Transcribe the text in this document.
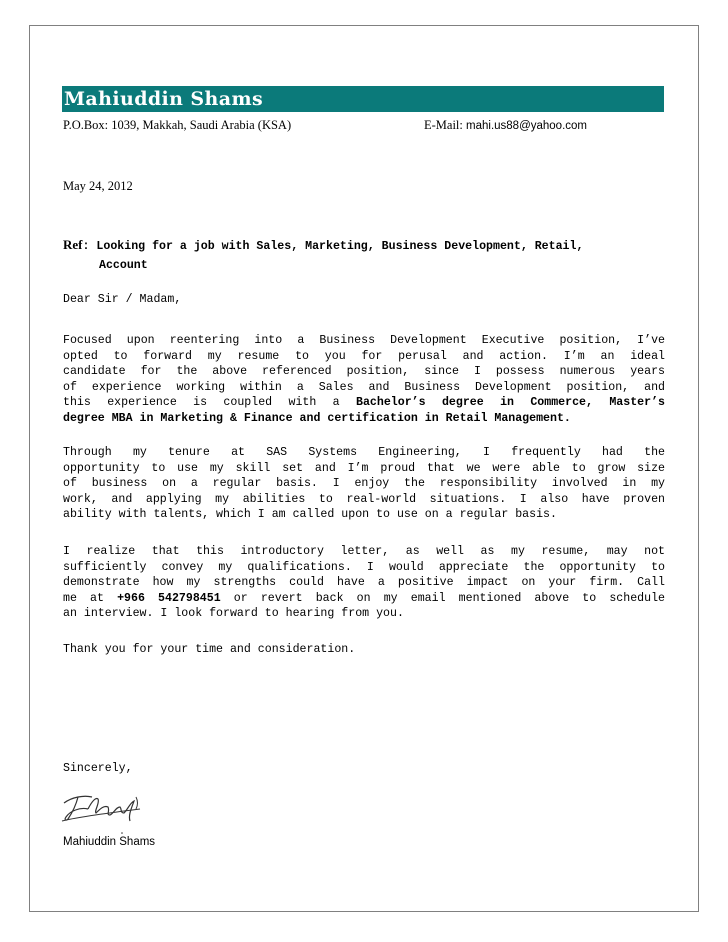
Mahiuddin Shams
P.O.Box: 1039, Makkah, Saudi Arabia (KSA)	E-Mail: mahi.us88@yahoo.com
May 24, 2012
Ref: Looking for a job with Sales, Marketing, Business Development, Retail,
Account
Dear Sir / Madam,
Focused upon reentering into a Business Development Executive position, I’ve
opted to forward my resume to you for perusal and action. I’m an ideal
candidate for the above referenced position, since I possess numerous years
of experience working within a Sales and Business Development position, and
this experience is coupled with a Bachelor’s degree in Commerce, Master’s
degree MBA in Marketing & Finance and certification in Retail Management.
Through my tenure at SAS Systems Engineering, I frequently had the
opportunity to use my skill set and I’m proud that we were able to grow size
of business on a regular basis. I enjoy the responsibility involved in my
work, and applying my abilities to real-world situations. I also have proven
ability with talents, which I am called upon to use on a regular basis.
I realize that this introductory letter, as well as my resume, may not
sufficiently convey my qualifications. I would appreciate the opportunity to
demonstrate how my strengths could have a positive impact on your firm. Call
me at +966 542798451 or revert back on my email mentioned above to schedule
an interview. I look forward to hearing from you.
Thank you for your time and consideration.
Sincerely,
Mahiuddin Shams
